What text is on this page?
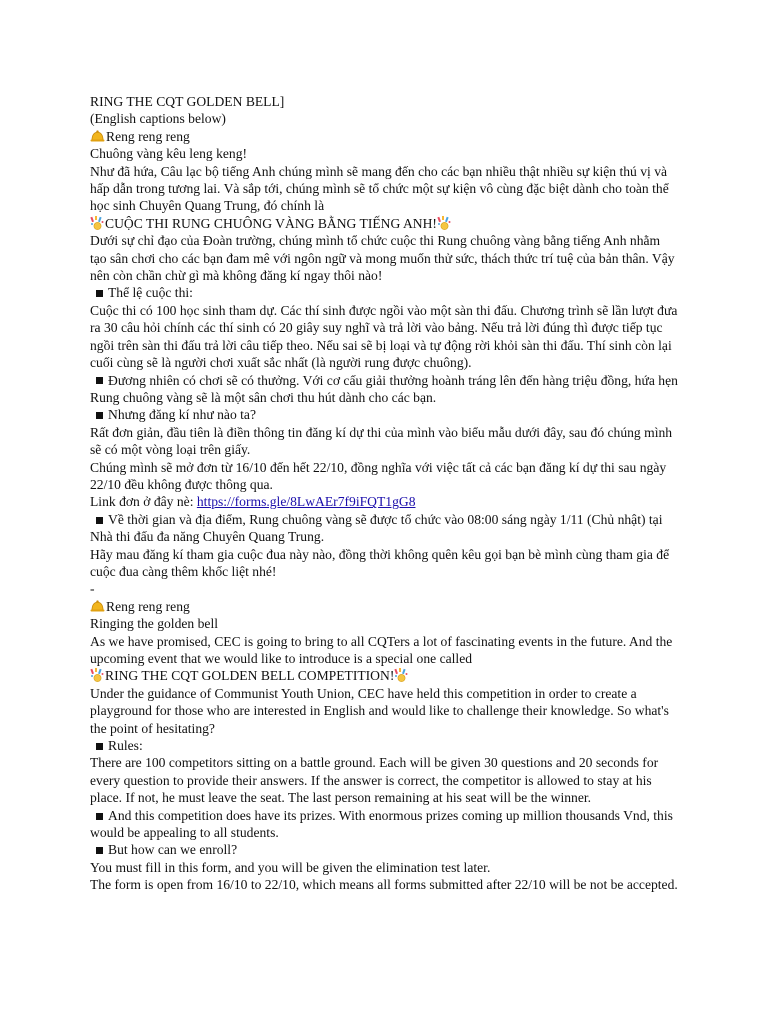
RING THE CQT GOLDEN BELL]

(English captions below)

Reng reng reng

Chuông vàng kêu leng keng!

Như đã hứa, Câu lạc bộ tiếng Anh chúng mình sẽ mang đến cho các bạn nhiều thật nhiều sự kiện thú vị và hấp dẫn trong tương lai. Và sắp tới, chúng mình sẽ tổ chức một sự kiện vô cùng đặc biệt dành cho toàn thể học sinh Chuyên Quang Trung, đó chính là

CUỘC THI RUNG CHUÔNG VÀNG BẰNG TIẾNG ANH!

Dưới sự chỉ đạo của Đoàn trường, chúng mình tổ chức cuộc thi Rung chuông vàng bằng tiếng Anh nhằm tạo sân chơi cho các bạn đam mê với ngôn ngữ và mong muốn thử sức, thách thức trí tuệ của bản thân. Vậy nên còn chần chừ gì mà không đăng kí ngay thôi nào!

Thể lệ cuộc thi:

Cuộc thi có 100 học sinh tham dự. Các thí sinh được ngồi vào một sàn thi đấu. Chương trình sẽ lần lượt đưa ra 30 câu hỏi chính các thí sinh có 20 giây suy nghĩ và trả lời vào bảng. Nếu trả lời đúng thì được tiếp tục ngồi trên sàn thi đấu trả lời câu tiếp theo. Nếu sai sẽ bị loại và tự động rời khỏi sàn thi đấu. Thí sinh còn lại cuối cùng sẽ là người chơi xuất sắc nhất (là người rung được chuông).

Đương nhiên có chơi sẽ có thưởng. Với cơ cấu giải thưởng hoành tráng lên đến hàng triệu đồng, hứa hẹn Rung chuông vàng sẽ là một sân chơi thu hút dành cho các bạn.

Nhưng đăng kí như nào ta?

Rất đơn giản, đầu tiên là điền thông tin đăng kí dự thi của mình vào biểu mẫu dưới đây, sau đó chúng mình sẽ có một vòng loại trên giấy.

Chúng mình sẽ mở đơn từ 16/10 đến hết 22/10, đồng nghĩa với việc tất cả các bạn đăng kí dự thi sau ngày 22/10 đều không được thông qua.

Link đơn ở đây nè: https://forms.gle/8LwAEr7f9iFQT1gG8

Về thời gian và địa điểm, Rung chuông vàng sẽ được tổ chức vào 08:00 sáng ngày 1/11 (Chủ nhật) tại Nhà thi đấu đa năng Chuyên Quang Trung.

Hãy mau đăng kí tham gia cuộc đua này nào, đồng thời không quên kêu gọi bạn bè mình cùng tham gia để cuộc đua càng thêm khốc liệt nhé!

-

Reng reng reng

Ringing the golden bell

As we have promised, CEC is going to bring to all CQTers a lot of fascinating events in the future. And the upcoming event that we would like to introduce is a special one called

RING THE CQT GOLDEN BELL COMPETITION!

Under the guidance of Communist Youth Union, CEC have held this competition in order to create a playground for those who are interested in English and would like to challenge their knowledge. So what's the point of hesitating?

Rules:

There are 100 competitors sitting on a battle ground. Each will be given 30 questions and 20 seconds for every question to provide their answers. If the answer is correct, the competitor is allowed to stay at his place. If not, he must leave the seat. The last person remaining at his seat will be the winner.

And this competition does have its prizes. With enormous prizes coming up million thousands Vnd, this would be appealing to all students.

But how can we enroll?

You must fill in this form, and you will be given the elimination test later.

The form is open from 16/10 to 22/10, which means all forms submitted after 22/10 will be not be accepted.
